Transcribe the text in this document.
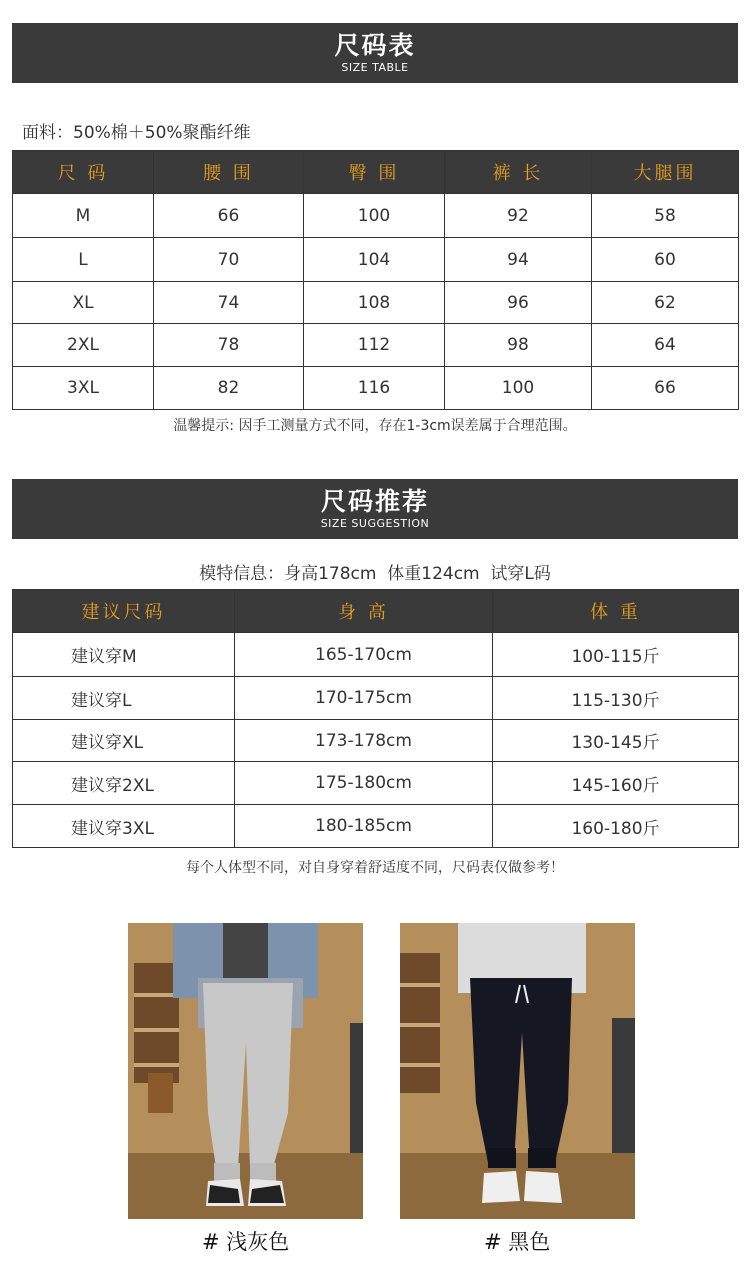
尺码表
SIZE TABLE
面料：50%棉＋50%聚酯纤维
尺 码	腰 围	臀 围	裤 长	大腿围
M	66	100	92	58
L	70	104	94	60
XL	74	108	96	62
2XL	78	112	98	64
3XL	82	116	100	66
温馨提示: 因手工测量方式不同，存在1-3cm误差属于合理范围。
尺码推荐
SIZE SUGGESTION
模特信息：身高178cm  体重124cm  试穿L码
建议尺码	身 高	体 重
建议穿M	165-170cm	100-115斤
建议穿L	170-175cm	115-130斤
建议穿XL	173-178cm	130-145斤
建议穿2XL	175-180cm	145-160斤
建议穿3XL	180-185cm	160-180斤
每个人体型不同，对自身穿着舒适度不同，尺码表仅做参考！
# 浅灰色	# 黑色
